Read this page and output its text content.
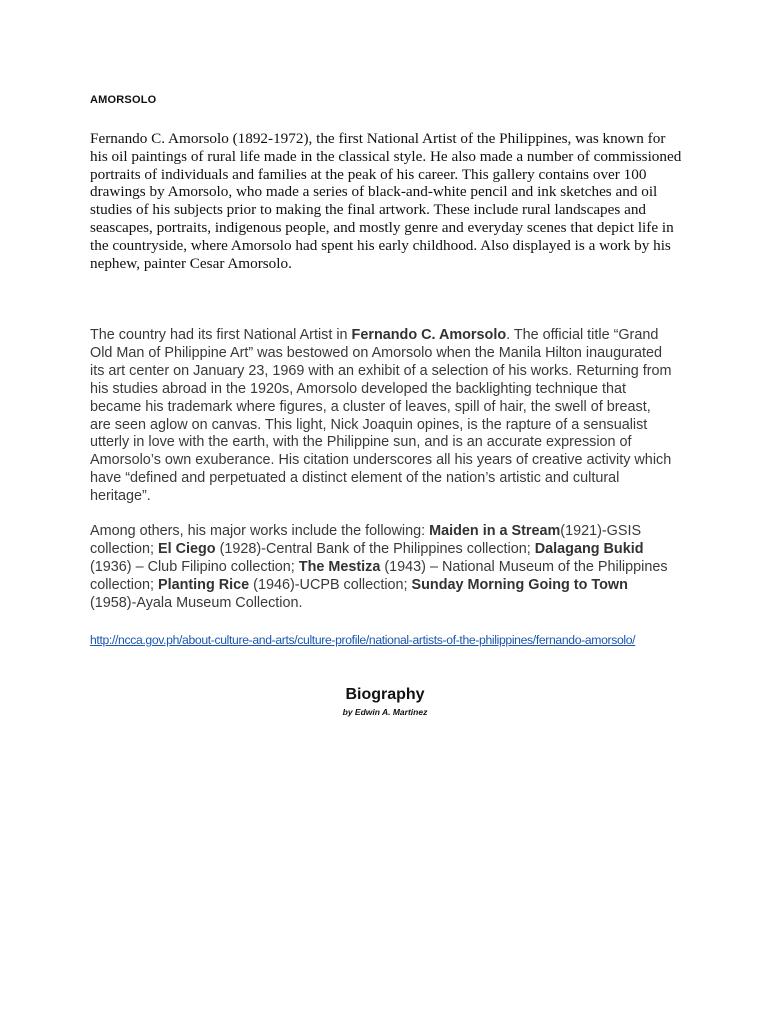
AMORSOLO

Fernando C. Amorsolo (1892-1972), the first National Artist of the Philippines, was known for his oil paintings of rural life made in the classical style. He also made a number of commissioned portraits of individuals and families at the peak of his career. This gallery contains over 100 drawings by Amorsolo, who made a series of black-and-white pencil and ink sketches and oil studies of his subjects prior to making the final artwork. These include rural landscapes and seascapes, portraits, indigenous people, and mostly genre and everyday scenes that depict life in the countryside, where Amorsolo had spent his early childhood. Also displayed is a work by his nephew, painter Cesar Amorsolo.

The country had its first National Artist in Fernando C. Amorsolo. The official title “Grand Old Man of Philippine Art” was bestowed on Amorsolo when the Manila Hilton inaugurated its art center on January 23, 1969 with an exhibit of a selection of his works. Returning from his studies abroad in the 1920s, Amorsolo developed the backlighting technique that became his trademark where figures, a cluster of leaves, spill of hair, the swell of breast, are seen aglow on canvas. This light, Nick Joaquin opines, is the rapture of a sensualist utterly in love with the earth, with the Philippine sun, and is an accurate expression of Amorsolo’s own exuberance. His citation underscores all his years of creative activity which have “defined and perpetuated a distinct element of the nation’s artistic and cultural heritage”.

Among others, his major works include the following: Maiden in a Stream(1921)-GSIS collection; El Ciego (1928)-Central Bank of the Philippines collection; Dalagang Bukid (1936) – Club Filipino collection; The Mestiza (1943) – National Museum of the Philippines collection; Planting Rice (1946)-UCPB collection; Sunday Morning Going to Town (1958)-Ayala Museum Collection.

http://ncca.gov.ph/about-culture-and-arts/culture-profile/national-artists-of-the-philippines/fernando-amorsolo/
Biography
by Edwin A. Martinez
